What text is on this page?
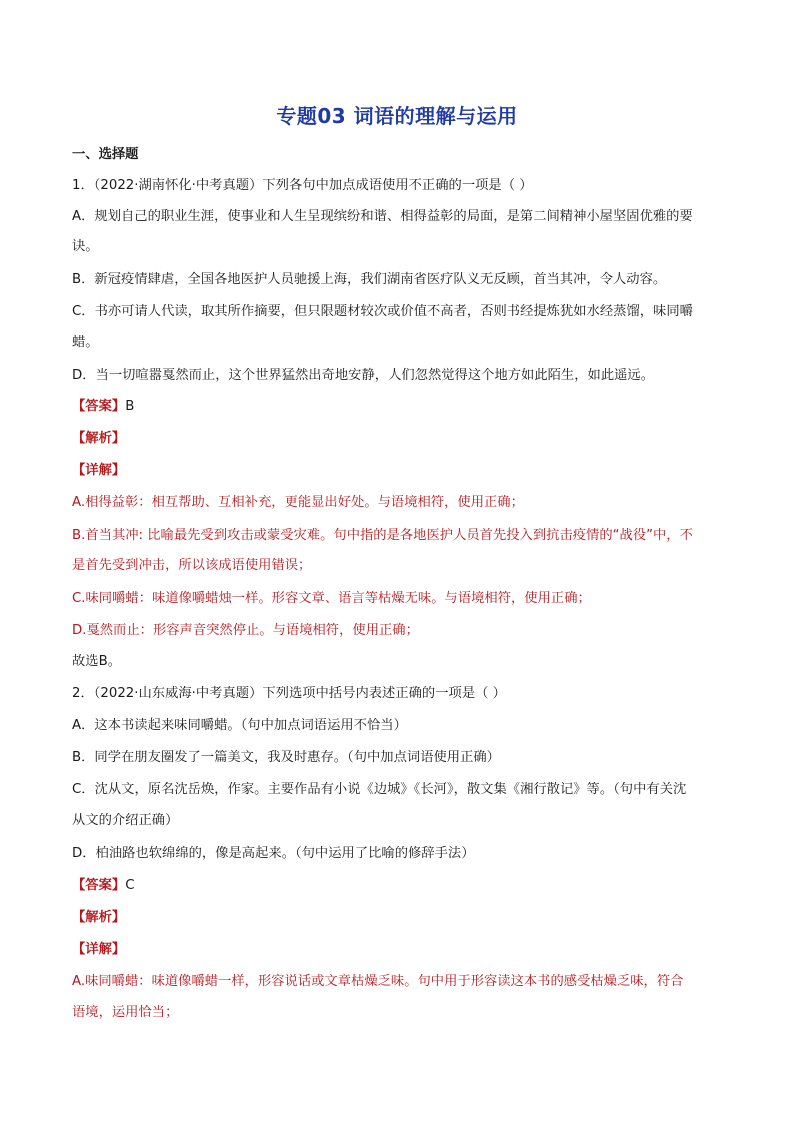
专题03 词语的理解与运用
一、选择题
1．（2022·湖南怀化·中考真题）下列各句中加点成语使用不正确的一项是（ ）
A．规划自己的职业生涯，使事业和人生呈现缤纷和谐、相得益彰的局面，是第二间精神小屋坚固优雅的要
诀。
B．新冠疫情肆虐，全国各地医护人员驰援上海，我们湖南省医疗队义无反顾，首当其冲，令人动容。
C．书亦可请人代读，取其所作摘要，但只限题材较次或价值不高者，否则书经提炼犹如水经蒸馏，味同嚼
蜡。
D．当一切喧嚣戛然而止，这个世界猛然出奇地安静，人们忽然觉得这个地方如此陌生，如此遥远。
【答案】B
【解析】
【详解】
A.相得益彰：相互帮助、互相补充，更能显出好处。与语境相符，使用正确；
B.首当其冲: 比喻最先受到攻击或蒙受灾难。句中指的是各地医护人员首先投入到抗击疫情的“战役”中，不
是首先受到冲击，所以该成语使用错误；
C.味同嚼蜡：味道像嚼蜡烛一样。形容文章、语言等枯燥无味。与语境相符，使用正确；
D.戛然而止：形容声音突然停止。与语境相符，使用正确；
故选B。
2．（2022·山东威海·中考真题）下列选项中括号内表述正确的一项是（ ）
A．这本书读起来味同嚼蜡。（句中加点词语运用不恰当）
B．同学在朋友圈发了一篇美文，我及时惠存。（句中加点词语使用正确）
C．沈从文，原名沈岳焕，作家。主要作品有小说《边城》《长河》，散文集《湘行散记》等。（句中有关沈
从文的介绍正确）
D．柏油路也软绵绵的，像是高起来。（句中运用了比喻的修辞手法）
【答案】C
【解析】
【详解】
A.味同嚼蜡：味道像嚼蜡一样，形容说话或文章枯燥乏味。句中用于形容读这本书的感受枯燥乏味，符合
语境，运用恰当；
